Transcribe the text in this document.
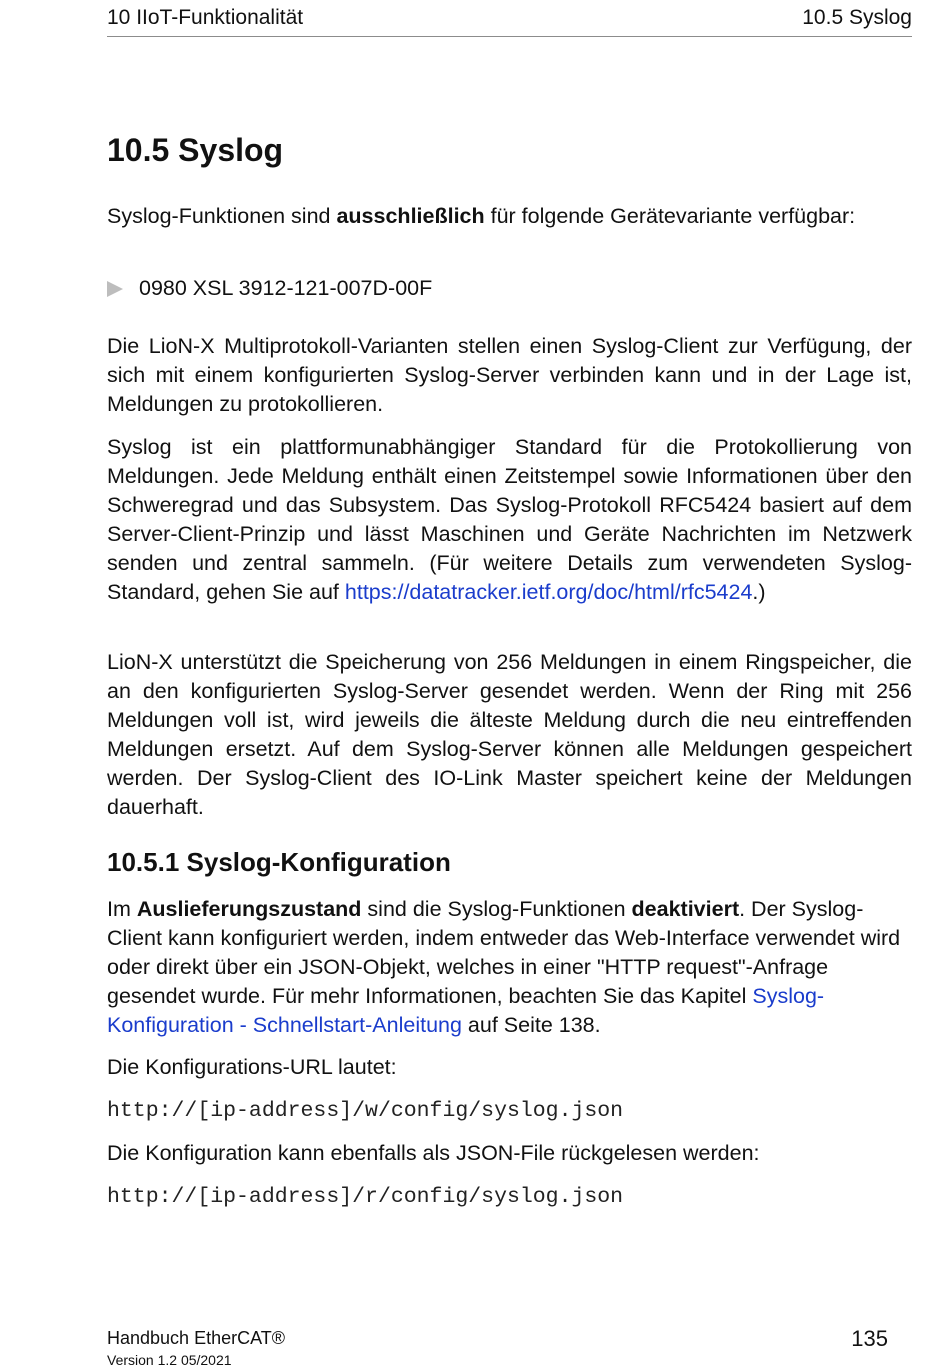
10 IIoT-Funktionalität	10.5 Syslog
10.5 Syslog

Syslog-Funktionen sind ausschließlich für folgende Gerätevariante verfügbar:

0980 XSL 3912-121-007D-00F

Die LioN-X Multiprotokoll-Varianten stellen einen Syslog-Client zur Verfügung, der sich mit einem konfigurierten Syslog-Server verbinden kann und in der Lage ist, Meldungen zu protokollieren.

Syslog ist ein plattformunabhängiger Standard für die Protokollierung von Meldungen. Jede Meldung enthält einen Zeitstempel sowie Informationen über den Schweregrad und das Subsystem. Das Syslog-Protokoll RFC5424 basiert auf dem Server-Client-Prinzip und lässt Maschinen und Geräte Nachrichten im Netzwerk senden und zentral sammeln. (Für weitere Details zum verwendeten Syslog-Standard, gehen Sie auf https://datatracker.ietf.org/doc/html/rfc5424.)

LioN-X unterstützt die Speicherung von 256 Meldungen in einem Ringspeicher, die an den konfigurierten Syslog-Server gesendet werden. Wenn der Ring mit 256 Meldungen voll ist, wird jeweils die älteste Meldung durch die neu eintreffenden Meldungen ersetzt. Auf dem Syslog-Server können alle Meldungen gespeichert werden. Der Syslog-Client des IO-Link Master speichert keine der Meldungen dauerhaft.

10.5.1 Syslog-Konfiguration

Im Auslieferungszustand sind die Syslog-Funktionen deaktiviert. Der Syslog-Client kann konfiguriert werden, indem entweder das Web-Interface verwendet wird oder direkt über ein JSON-Objekt, welches in einer "HTTP request"-Anfrage gesendet wurde. Für mehr Informationen, beachten Sie das Kapitel Syslog-Konfiguration - Schnellstart-Anleitung auf Seite 138.

Die Konfigurations-URL lautet:

http://[ip-address]/w/config/syslog.json

Die Konfiguration kann ebenfalls als JSON-File rückgelesen werden:

http://[ip-address]/r/config/syslog.json
Handbuch EtherCAT®
Version 1.2 05/2021
135
